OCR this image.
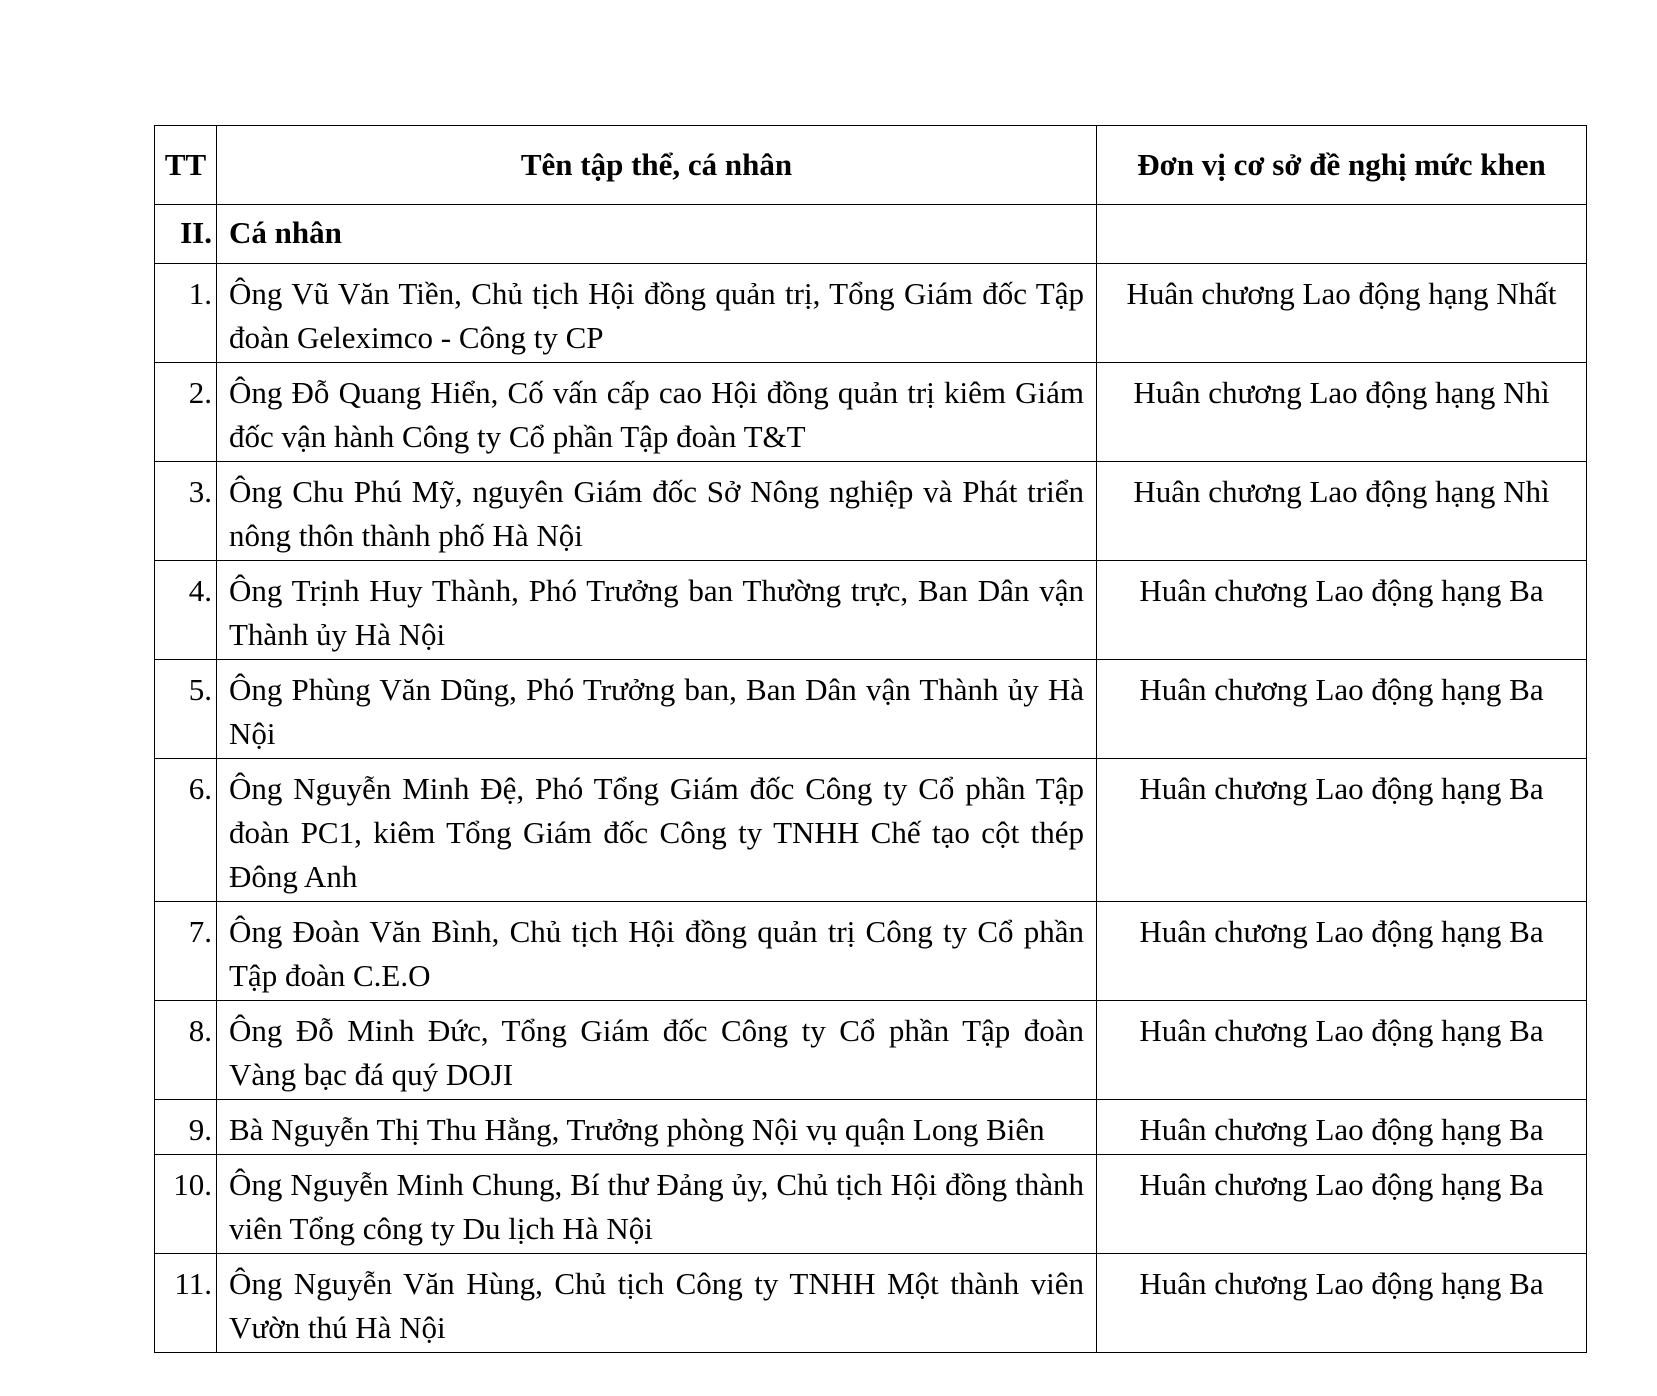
TT	Tên tập thể, cá nhân	Đơn vị cơ sở đề nghị mức khen
II.	Cá nhân	
1.	Ông Vũ Văn Tiền, Chủ tịch Hội đồng quản trị, Tổng Giám đốc Tập đoàn Geleximco - Công ty CP	Huân chương Lao động hạng Nhất
2.	Ông Đỗ Quang Hiển, Cố vấn cấp cao Hội đồng quản trị kiêm Giám đốc vận hành Công ty Cổ phần Tập đoàn T&T	Huân chương Lao động hạng Nhì
3.	Ông Chu Phú Mỹ, nguyên Giám đốc Sở Nông nghiệp và Phát triển nông thôn thành phố Hà Nội	Huân chương Lao động hạng Nhì
4.	Ông Trịnh Huy Thành, Phó Trưởng ban Thường trực, Ban Dân vận Thành ủy Hà Nội	Huân chương Lao động hạng Ba
5.	Ông Phùng Văn Dũng, Phó Trưởng ban, Ban Dân vận Thành ủy Hà Nội	Huân chương Lao động hạng Ba
6.	Ông Nguyễn Minh Đệ, Phó Tổng Giám đốc Công ty Cổ phần Tập đoàn PC1, kiêm Tổng Giám đốc Công ty TNHH Chế tạo cột thép Đông Anh	Huân chương Lao động hạng Ba
7.	Ông Đoàn Văn Bình, Chủ tịch Hội đồng quản trị Công ty Cổ phần Tập đoàn C.E.O	Huân chương Lao động hạng Ba
8.	Ông Đỗ Minh Đức, Tổng Giám đốc Công ty Cổ phần Tập đoàn Vàng bạc đá quý DOJI	Huân chương Lao động hạng Ba
9.	Bà Nguyễn Thị Thu Hằng, Trưởng phòng Nội vụ quận Long Biên	Huân chương Lao động hạng Ba
10.	Ông Nguyễn Minh Chung, Bí thư Đảng ủy, Chủ tịch Hội đồng thành viên Tổng công ty Du lịch Hà Nội	Huân chương Lao động hạng Ba
11.	Ông Nguyễn Văn Hùng, Chủ tịch Công ty TNHH Một thành viên Vườn thú Hà Nội	Huân chương Lao động hạng Ba
